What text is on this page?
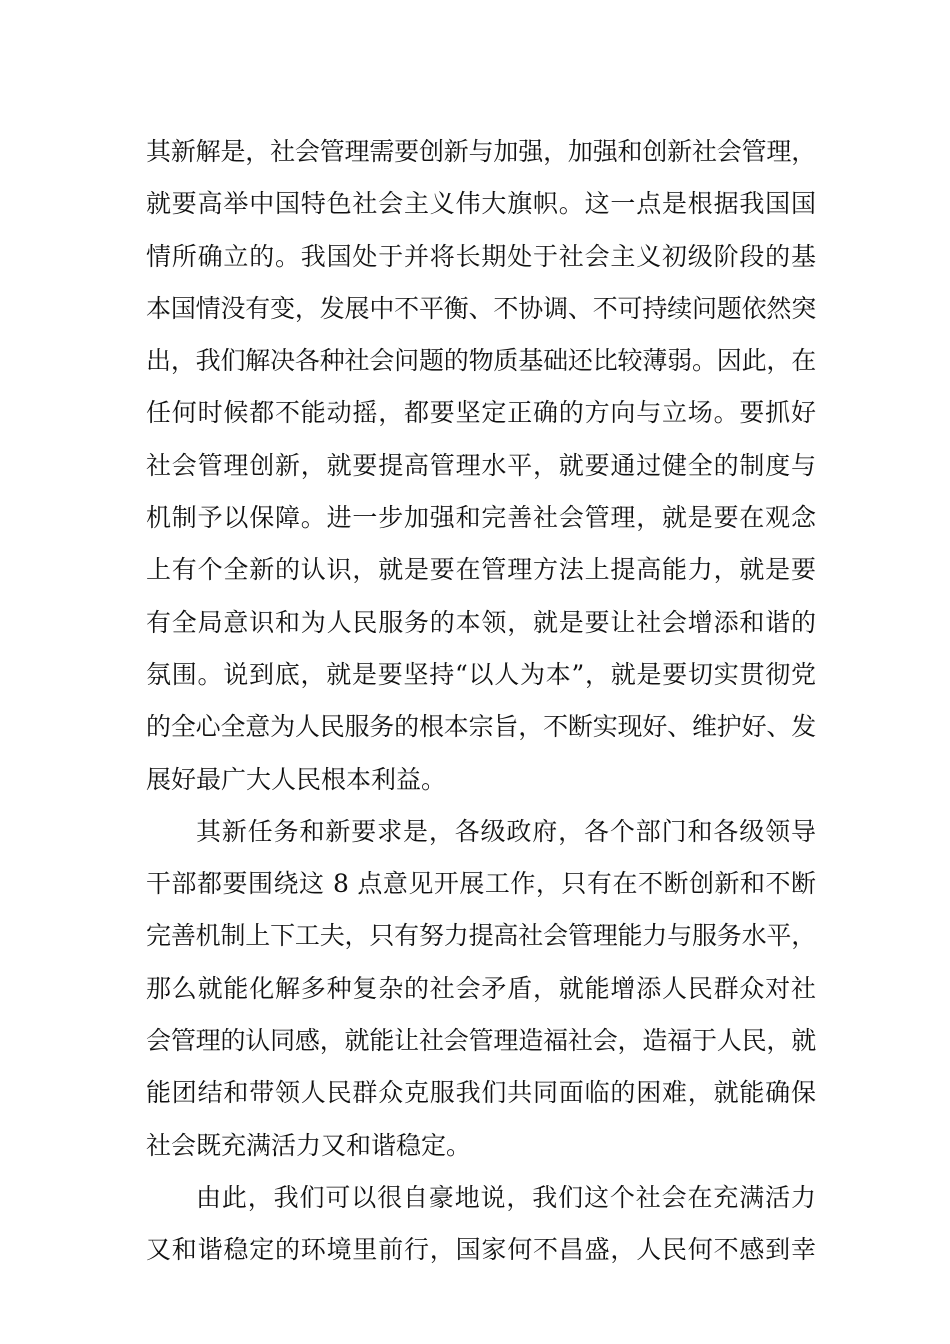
其新解是，社会管理需要创新与加强，加强和创新社会管理，
就要高举中国特色社会主义伟大旗帜。这一点是根据我国国
情所确立的。我国处于并将长期处于社会主义初级阶段的基
本国情没有变，发展中不平衡、不协调、不可持续问题依然突
出，我们解决各种社会问题的物质基础还比较薄弱。因此，在
任何时候都不能动摇，都要坚定正确的方向与立场。要抓好
社会管理创新，就要提高管理水平，就要通过健全的制度与
机制予以保障。进一步加强和完善社会管理，就是要在观念
上有个全新的认识，就是要在管理方法上提高能力，就是要
有全局意识和为人民服务的本领，就是要让社会增添和谐的
氛围。说到底，就是要坚持“以人为本”，就是要切实贯彻党
的全心全意为人民服务的根本宗旨，不断实现好、维护好、发
展好最广大人民根本利益。
其新任务和新要求是，各级政府，各个部门和各级领导
干部都要围绕这 8 点意见开展工作，只有在不断创新和不断
完善机制上下工夫，只有努力提高社会管理能力与服务水平，
那么就能化解多种复杂的社会矛盾，就能增添人民群众对社
会管理的认同感，就能让社会管理造福社会，造福于人民，就
能团结和带领人民群众克服我们共同面临的困难，就能确保
社会既充满活力又和谐稳定。
由此，我们可以很自豪地说，我们这个社会在充满活力
又和谐稳定的环境里前行，国家何不昌盛，人民何不感到幸
